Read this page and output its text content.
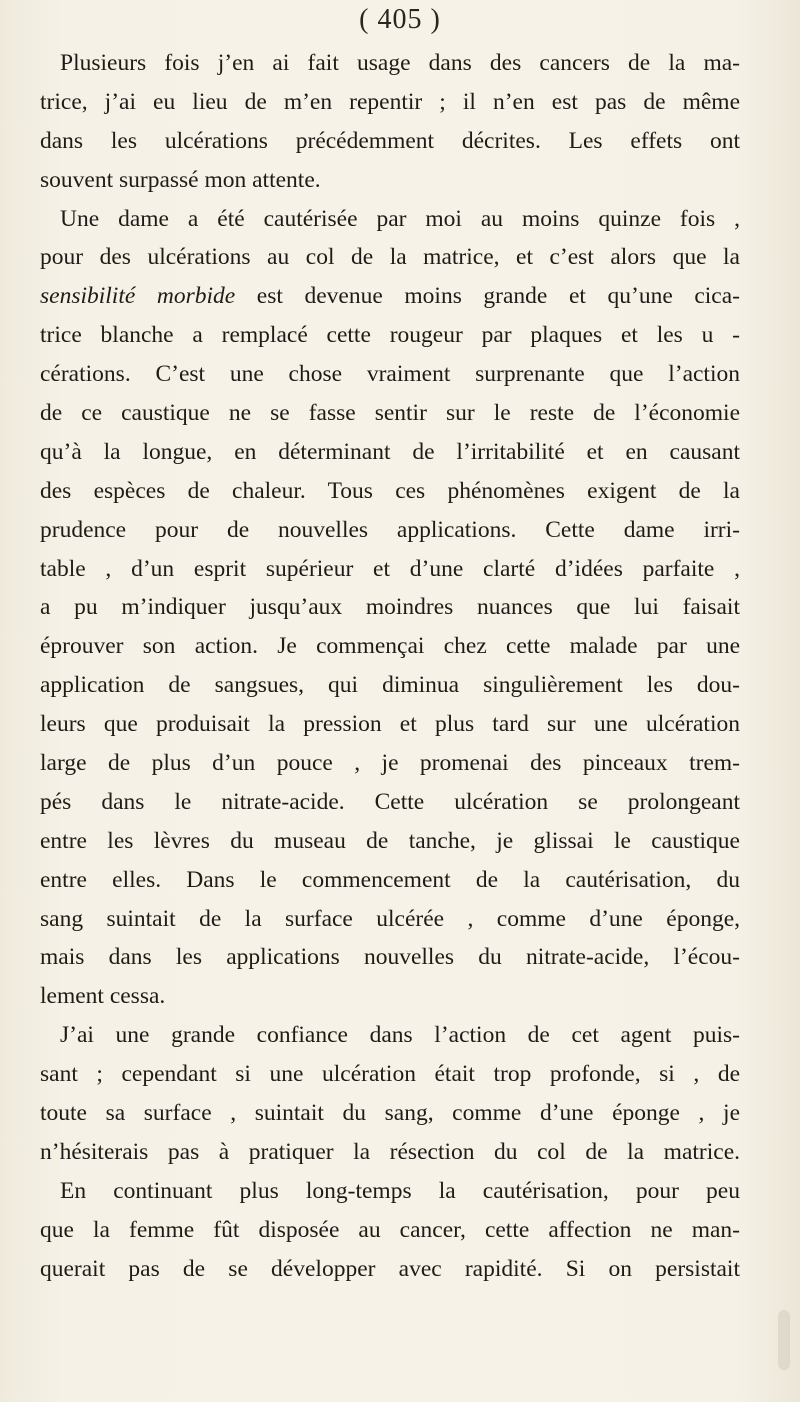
( 405 )
Plusieurs fois j’en ai fait usage dans des cancers de la ma-
trice, j’ai eu lieu de m’en repentir ; il n’en est pas de même
dans les ulcérations précédemment décrites. Les effets ont
souvent surpassé mon attente.
Une dame a été cautérisée par moi au moins quinze fois ,
pour des ulcérations au col de la matrice, et c’est alors que la
sensibilité morbide est devenue moins grande et qu’une cica-
trice blanche a remplacé cette rougeur par plaques et les u -
cérations. C’est une chose vraiment surprenante que l’action
de ce caustique ne se fasse sentir sur le reste de l’économie
qu’à la longue, en déterminant de l’irritabilité et en causant
des espèces de chaleur. Tous ces phénomènes exigent de la
prudence pour de nouvelles applications. Cette dame irri-
table , d’un esprit supérieur et d’une clarté d’idées parfaite ,
a pu m’indiquer jusqu’aux moindres nuances que lui faisait
éprouver son action. Je commençai chez cette malade par une
application de sangsues, qui diminua singulièrement les dou-
leurs que produisait la pression et plus tard sur une ulcération
large de plus d’un pouce , je promenai des pinceaux trem-
pés dans le nitrate-acide. Cette ulcération se prolongeant
entre les lèvres du museau de tanche, je glissai le caustique
entre elles. Dans le commencement de la cautérisation, du
sang suintait de la surface ulcérée , comme d’une éponge,
mais dans les applications nouvelles du nitrate-acide, l’écou-
lement cessa.
J’ai une grande confiance dans l’action de cet agent puis-
sant ; cependant si une ulcération était trop profonde, si , de
toute sa surface , suintait du sang, comme d’une éponge , je
n’hésiterais pas à pratiquer la résection du col de la matrice.
En continuant plus long-temps la cautérisation, pour peu
que la femme fût disposée au cancer, cette affection ne man-
querait pas de se développer avec rapidité. Si on persistait
